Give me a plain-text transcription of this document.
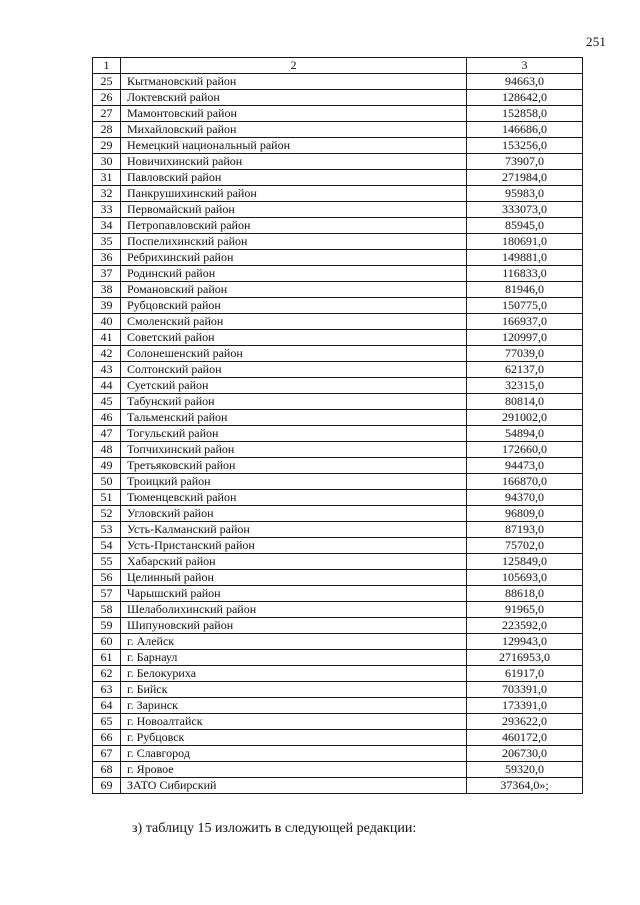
251
1	2	3
25	Кытмановский район	94663,0
26	Локтевский район	128642,0
27	Мамонтовский район	152858,0
28	Михайловский район	146686,0
29	Немецкий национальный район	153256,0
30	Новичихинский район	73907,0
31	Павловский район	271984,0
32	Панкрушихинский район	95983,0
33	Первомайский район	333073,0
34	Петропавловский район	85945,0
35	Поспелихинский район	180691,0
36	Ребрихинский район	149881,0
37	Родинский район	116833,0
38	Романовский район	81946,0
39	Рубцовский район	150775,0
40	Смоленский район	166937,0
41	Советский район	120997,0
42	Солонешенский район	77039,0
43	Солтонский район	62137,0
44	Суетский район	32315,0
45	Табунский район	80814,0
46	Тальменский район	291002,0
47	Тогульский район	54894,0
48	Топчихинский район	172660,0
49	Третьяковский район	94473,0
50	Троицкий район	166870,0
51	Тюменцевский район	94370,0
52	Угловский район	96809,0
53	Усть-Калманский район	87193,0
54	Усть-Пристанский район	75702,0
55	Хабарский район	125849,0
56	Целинный район	105693,0
57	Чарышский район	88618,0
58	Шелаболихинский район	91965,0
59	Шипуновский район	223592,0
60	г. Алейск	129943,0
61	г. Барнаул	2716953,0
62	г. Белокуриха	61917,0
63	г. Бийск	703391,0
64	г. Заринск	173391,0
65	г. Новоалтайск	293622,0
66	г. Рубцовск	460172,0
67	г. Славгород	206730,0
68	г. Яровое	59320,0
69	ЗАТО Сибирский	37364,0»;
з) таблицу 15 изложить в следующей редакции:
